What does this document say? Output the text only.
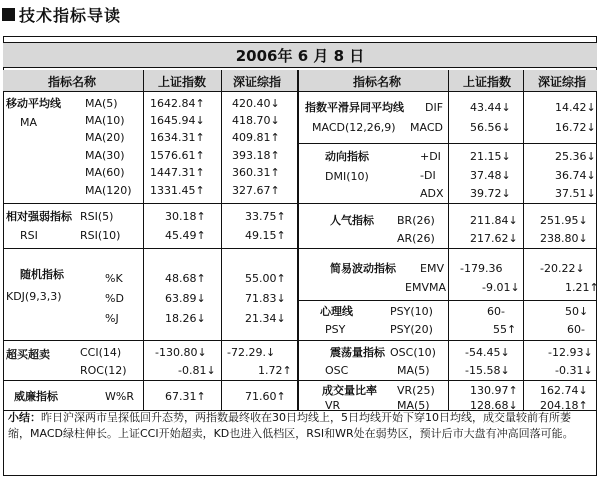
技术指标导读
2006年 6 月 8 日
指标名称	上证指数 深证综指	指标名称	上证指数 深证综指
移动平均线
MA
MA(5)	1642.84 ↑	420.40 ↓
MA(10) 1645.94 ↓	418.70 ↓
MA(20) 1634.31 ↑	409.81 ↑
MA(30) 1576.61 ↑	393.18 ↑
MA(60) 1447.31 ↑	360.31 ↑
MA(120) 1331.45 ↑	327.67 ↑
相对强弱指标
RSI
RSI(5)	30.18 ↑	33.75 ↑
RSI(10)	45.49 ↑	49.15 ↑
随机指标
KDJ(9,3,3)
%K	48.68 ↑	55.00 ↑
%D	63.89 ↓	71.83 ↓
%J	18.26 ↓	21.34 ↓
超买超卖	CCI(14)	-130.80 ↓	-72.29. ↓
ROC(12)	-0.81 ↓	1.72 ↑
威廉指标	W%R	67.31 ↑	71.60 ↑
指数平滑异同平均线 DIF 43.44 ↓	14.42 ↓
MACD(12,26,9) MACD 56.56 ↓	16.72 ↓
动向指标
DMI(10)
+DI	21.15 ↓	25.36 ↓
-DI	37.48 ↓	36.74 ↓
ADX 39.72 ↓	37.51 ↓
人气指标 BR(26)	211.84 ↓	251.95 ↓
AR(26)	217.62 ↓	238.80 ↓
简易波动指标 EMV -179.36	-20.22 ↓
EMVMA	-9.01 ↓	1.21 ↑
心理线
PSY
PSY(10)	60-	50 ↓
PSY(20)	55 ↑	60-
震荡量指标
OSC
OSC(10)	-54.45 ↓	-12.93 ↓
MA(5)	-15.58 ↓	-0.31 ↓
成交量比率
VR
VR(25)	130.97 ↑	162.74 ↓
MA(5)	128.68 ↓	204.18 ↑
小结：昨日沪深两市呈探低回升态势，两指数最终收在30日均线上，5日均线开始下穿10日均线，成交量较前有所萎缩，MACD绿柱伸长。上证CCI开始超卖，KD也进入低档区，RSI和WR处在弱势区，预计后市大盘有冲高回落可能。
